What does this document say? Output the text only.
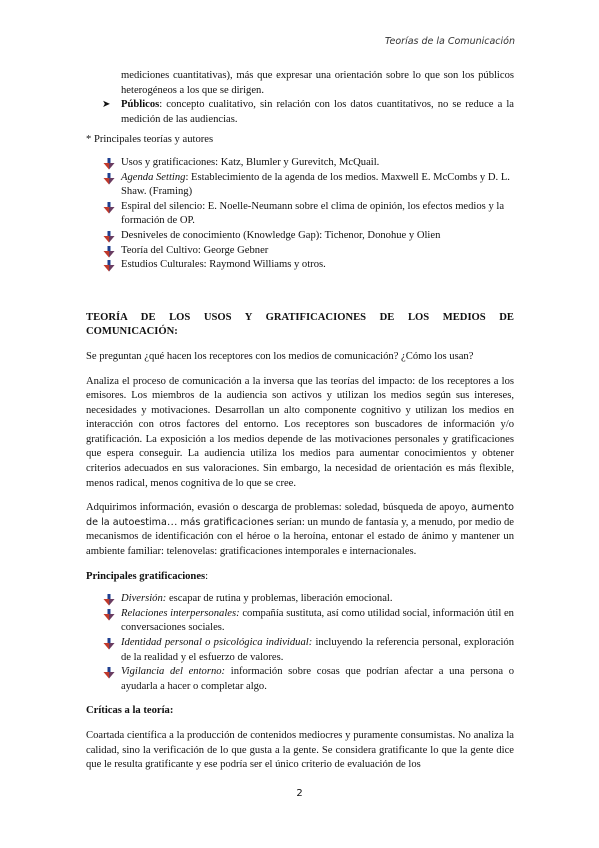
Teorías de la Comunicación

mediciones cuantitativas), más que expresar una orientación sobre lo que son los públicos heterogéneos a los que se dirigen.

➤ Públicos: concepto cualitativo, sin relación con los datos cuantitativos, no se reduce a la medición de las audiencias.

* Principales teorías y autores

Usos y gratificaciones: Katz, Blumler y Gurevitch, McQuail.
Agenda Setting: Establecimiento de la agenda de los medios. Maxwell E. McCombs y D. L. Shaw. (Framing)
Espiral del silencio: E. Noelle-Neumann sobre el clima de opinión, los efectos medios y la formación de OP.
Desniveles de conocimiento (Knowledge Gap): Tichenor, Donohue y Olien
Teoría del Cultivo: George Gebner
Estudios Culturales: Raymond Williams y otros.

TEORÍA DE LOS USOS Y GRATIFICACIONES DE LOS MEDIOS DE COMUNICACIÓN:

Se preguntan ¿qué hacen los receptores con los medios de comunicación? ¿Cómo los usan?

Analiza el proceso de comunicación a la inversa que las teorías del impacto: de los receptores a los emisores. Los miembros de la audiencia son activos y utilizan los medios según sus intereses, necesidades y motivaciones. Desarrollan un alto componente cognitivo y utilizan los medios en interacción con otros factores del entorno. Los receptores son buscadores de información y/o gratificación. La exposición a los medios depende de las motivaciones personales y gratificaciones que espera conseguir. La audiencia utiliza los medios para aumentar conocimientos y obtener criterios adecuados en sus valoraciones. Sin embargo, la necesidad de orientación es más flexible, menos radical, menos cognitiva de lo que se cree.

Adquirimos información, evasión o descarga de problemas: soledad, búsqueda de apoyo, aumento de la autoestima… más gratificaciones serían: un mundo de fantasía y, a menudo, por medio de mecanismos de identificación con el héroe o la heroína, entonar el estado de ánimo y mantener un ambiente familiar: telenovelas: gratificaciones intemporales e internacionales.

Principales gratificaciones:

Diversión: escapar de rutina y problemas, liberación emocional.
Relaciones interpersonales: compañía sustituta, así como utilidad social, información útil en conversaciones sociales.
Identidad personal o psicológica individual: incluyendo la referencia personal, exploración de la realidad y el esfuerzo de valores.
Vigilancia del entorno: información sobre cosas que podrían afectar a una persona o ayudarla a hacer o completar algo.

Críticas a la teoría:

Coartada científica a la producción de contenidos mediocres y puramente consumistas. No analiza la calidad, sino la verificación de lo que gusta a la gente. Se considera gratificante lo que la gente dice que le resulta gratificante y ese podría ser el único criterio de evaluación de los

2
